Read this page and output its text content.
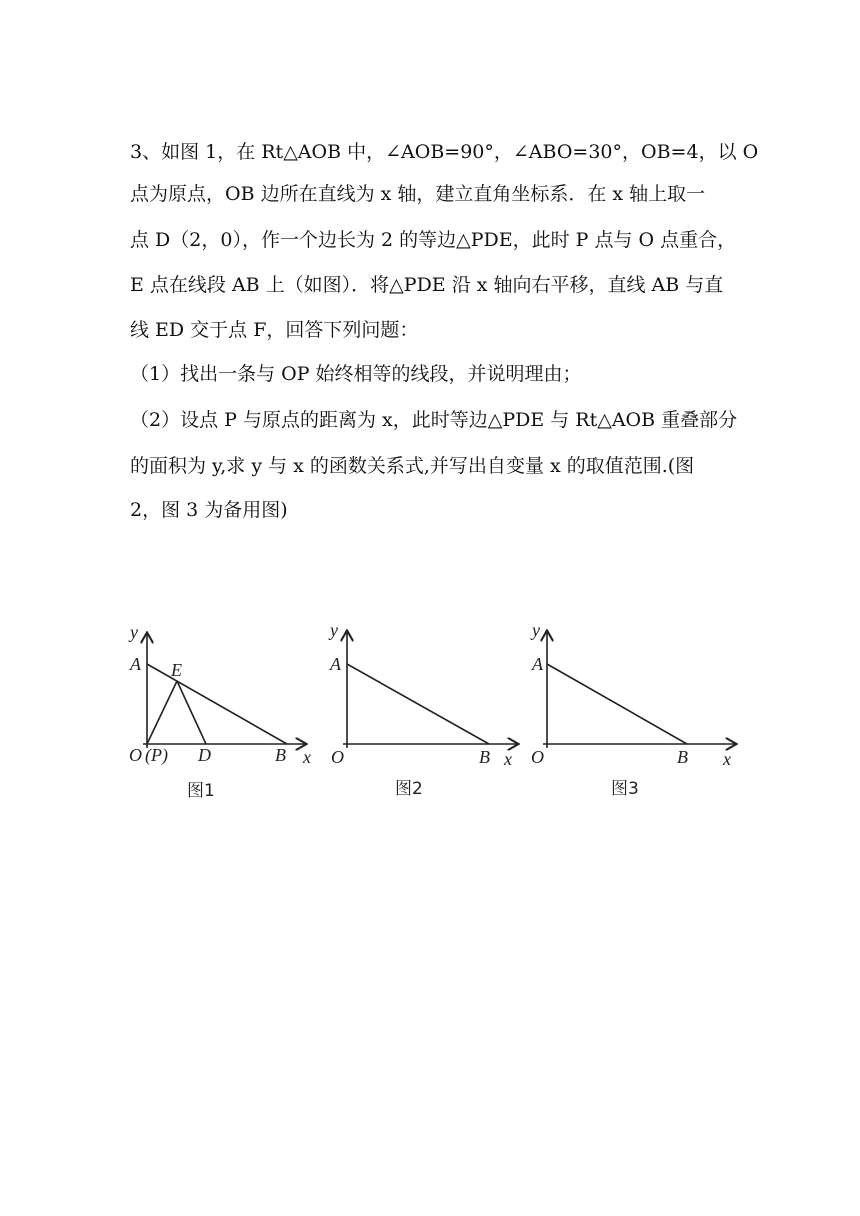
3、如图 1，在 Rt△AOB 中，∠AOB=90°，∠ABO=30°，OB=4，以 O
点为原点，OB 边所在直线为 x 轴，建立直角坐标系．在 x 轴上取一
点 D（2，0），作一个边长为 2 的等边△PDE，此时 P 点与 O 点重合，
E 点在线段 AB 上（如图）．将△PDE 沿 x 轴向右平移，直线 AB 与直
线 ED 交于点 F，回答下列问题：
（1）找出一条与 OP 始终相等的线段，并说明理由；
（2）设点 P 与原点的距离为 x，此时等边△PDE 与 Rt△AOB 重叠部分
的面积为 y,求 y 与 x 的函数关系式,并写出自变量 x 的取值范围.(图
2，图 3 为备用图)
y
A E
O (P) D	B x
图1
y
A
O	B x
图2
y
A
O	B x
图3
